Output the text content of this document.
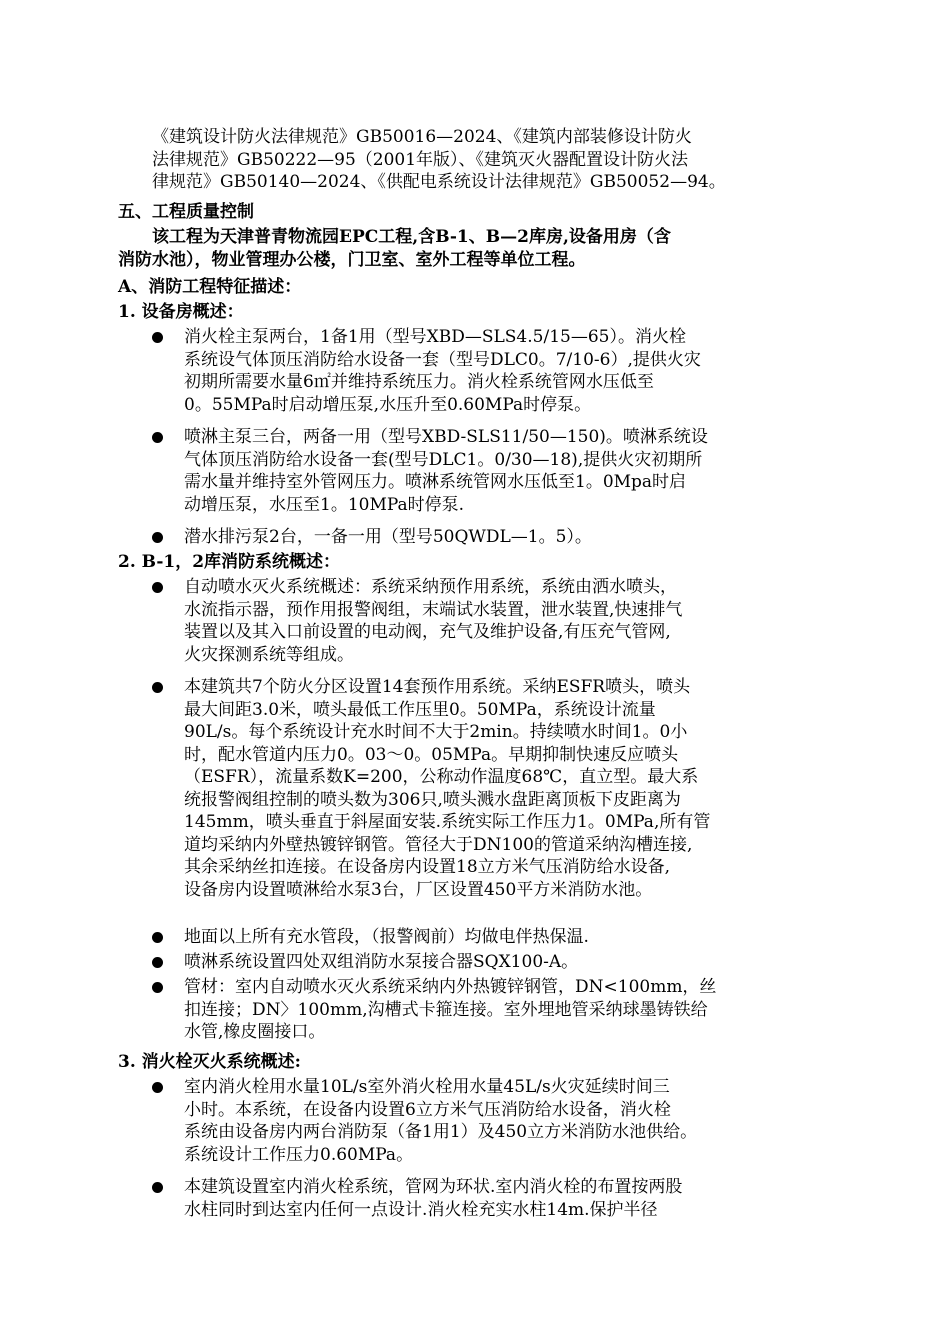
《建筑设计防火法律规范》GB50016—2024、《建筑内部装修设计防火
法律规范》GB50222—95（2001年版）、《建筑灭火器配置设计防火法
律规范》GB50140—2024、《供配电系统设计法律规范》GB50052—94。
五、工程质量控制
该工程为天津普青物流园EPC工程,含B-1、B—2库房,设备用房（含
消防水池），物业管理办公楼，门卫室、室外工程等单位工程。
A、消防工程特征描述：
1. 设备房概述：
消火栓主泵两台，1备1用（型号XBD—SLS4.5/15—65）。消火栓
系统设气体顶压消防给水设备一套（型号DLC0。7/10-6）,提供火灾
初期所需要水量6㎡并维持系统压力。消火栓系统管网水压低至
0。55MPa时启动增压泵,水压升至0.60MPa时停泵。
喷淋主泵三台，两备一用（型号XBD-SLS11/50—150)。喷淋系统设
气体顶压消防给水设备一套(型号DLC1。0/30—18),提供火灾初期所
需水量并维持室外管网压力。喷淋系统管网水压低至1。0Mpa时启
动增压泵，水压至1。10MPa时停泵.
潜水排污泵2台，一备一用（型号50QWDL—1。5）。
2. B-1，2库消防系统概述：
自动喷水灭火系统概述：系统采纳预作用系统，系统由洒水喷头，
水流指示器，预作用报警阀组，末端试水装置，泄水装置,快速排气
装置以及其入口前设置的电动阀，充气及维护设备,有压充气管网,
火灾探测系统等组成。
本建筑共7个防火分区设置14套预作用系统。采纳ESFR喷头，喷头
最大间距3.0米，喷头最低工作压里0。50MPa，系统设计流量
90L/s。每个系统设计充水时间不大于2min。持续喷水时间1。0小
时，配水管道内压力0。03～0。05MPa。早期抑制快速反应喷头
（ESFR），流量系数K=200，公称动作温度68℃，直立型。最大系
统报警阀组控制的喷头数为306只,喷头溅水盘距离顶板下皮距离为
145mm，喷头垂直于斜屋面安装.系统实际工作压力1。0MPa,所有管
道均采纳内外壁热镀锌钢管。管径大于DN100的管道采纳沟槽连接,
其余采纳丝扣连接。在设备房内设置18立方米气压消防给水设备,
设备房内设置喷淋给水泵3台，厂区设置450平方米消防水池。
地面以上所有充水管段，（报警阀前）均做电伴热保温.
喷淋系统设置四处双组消防水泵接合器SQX100-A。
管材：室内自动喷水灭火系统采纳内外热镀锌钢管，DN<100mm，丝
扣连接；DN〉100mm,沟槽式卡箍连接。室外埋地管采纳球墨铸铁给
水管,橡皮圈接口。
3. 消火栓灭火系统概述:
室内消火栓用水量10L/s室外消火栓用水量45L/s火灾延续时间三
小时。本系统，在设备内设置6立方米气压消防给水设备，消火栓
系统由设备房内两台消防泵（备1用1）及450立方米消防水池供给。
系统设计工作压力0.60MPa。
本建筑设置室内消火栓系统，管网为环状.室内消火栓的布置按两股
水柱同时到达室内任何一点设计.消火栓充实水柱14m.保护半径
